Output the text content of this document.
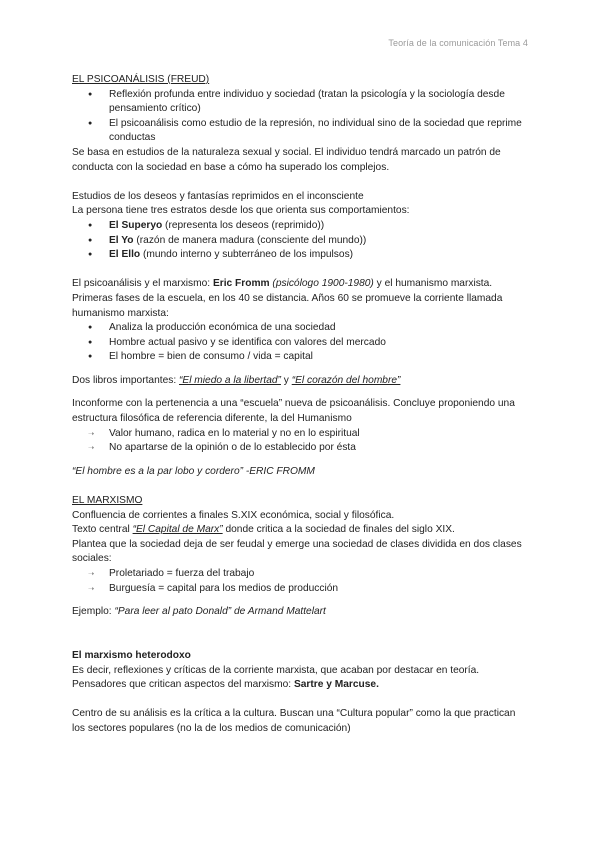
Teoría de la comunicación Tema 4

EL PSICOANÁLISIS (FREUD)

● Reflexión profunda entre individuo y sociedad (tratan la psicología y la sociología desde pensamiento crítico)
● El psicoanálisis como estudio de la represión, no individual sino de la sociedad que reprime conductas

Se basa en estudios de la naturaleza sexual y social. El individuo tendrá marcado un patrón de conducta con la sociedad en base a cómo ha superado los complejos.

Estudios de los deseos y fantasías reprimidos en el inconsciente

La persona tiene tres estratos desde los que orienta sus comportamientos:

● El Superyo (representa los deseos (reprimido))
● El Yo (razón de manera madura (consciente del mundo))
● El Ello (mundo interno y subterráneo de los impulsos)

El psicoanálisis y el marxismo: Eric Fromm (psicólogo 1900-1980) y el humanismo marxista.

Primeras fases de la escuela, en los 40 se distancia. Años 60 se promueve la corriente llamada humanismo marxista:

● Analiza la producción económica de una sociedad
● Hombre actual pasivo y se identifica con valores del mercado
● El hombre = bien de consumo / vida = capital

Dos libros importantes: “El miedo a la libertad” y “El corazón del hombre”

Inconforme con la pertenencia a una “escuela” nueva de psicoanálisis. Concluye proponiendo una estructura filosófica de referencia diferente, la del Humanismo

➝ Valor humano, radica en lo material y no en lo espiritual
➝ No apartarse de la opinión o de lo establecido por ésta

“El hombre es a la par lobo y cordero” -ERIC FROMM

EL MARXISMO

Confluencia de corrientes a finales S.XIX económica, social y filosófica.

Texto central “El Capital de Marx” donde critica a la sociedad de finales del siglo XIX.

Plantea que la sociedad deja de ser feudal y emerge una sociedad de clases dividida en dos clases sociales:

➝ Proletariado = fuerza del trabajo
➝ Burguesía = capital para los medios de producción

Ejemplo: “Para leer al pato Donald” de Armand Mattelart

El marxismo heterodoxo

Es decir, reflexiones y críticas de la corriente marxista, que acaban por destacar en teoría.

Pensadores que critican aspectos del marxismo: Sartre y Marcuse.

Centro de su análisis es la crítica a la cultura. Buscan una “Cultura popular” como la que practican los sectores populares (no la de los medios de comunicación)
